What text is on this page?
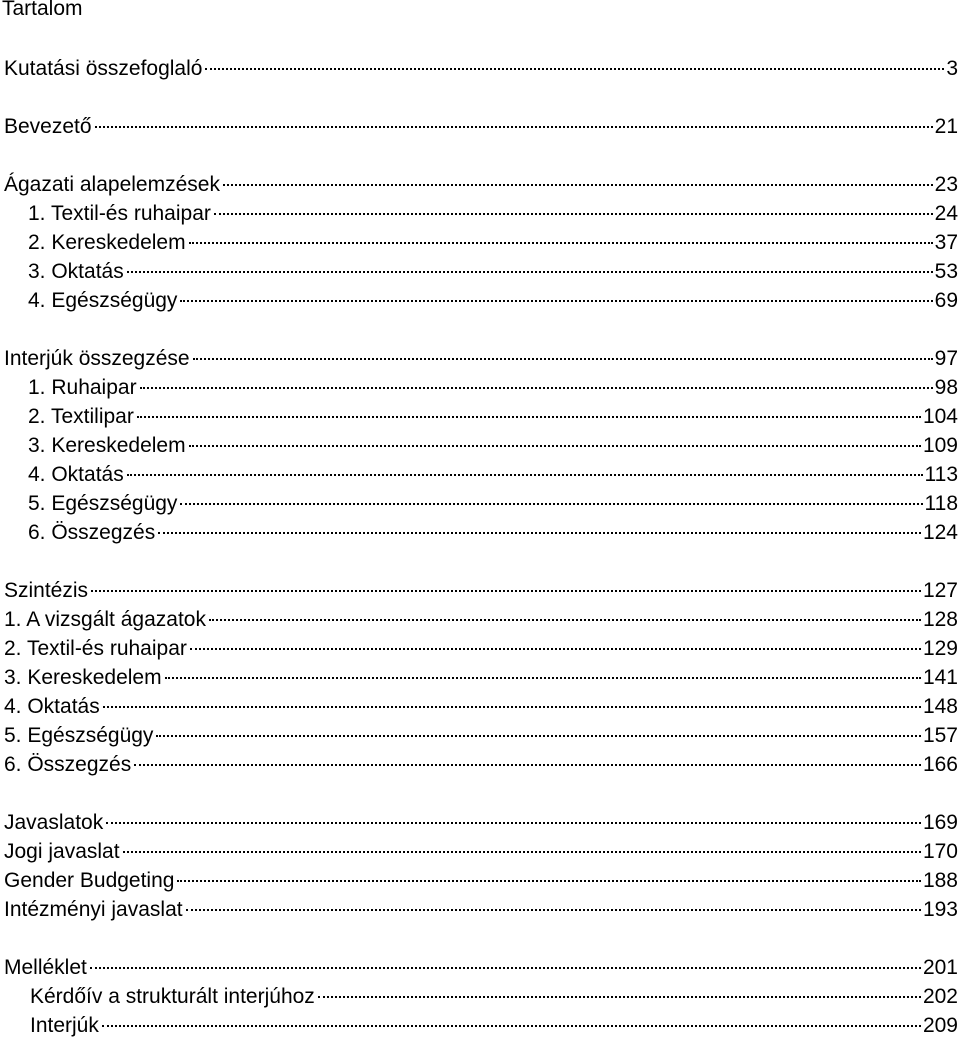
Tartalom
Kutatási összefoglaló	3
Bevezető	21
Ágazati alapelemzések	23
1. Textil-és ruhaipar	24
2. Kereskedelem	37
3. Oktatás	53
4. Egészségügy	69
Interjúk összegzése	97
1. Ruhaipar	98
2. Textilipar	104
3. Kereskedelem	109
4. Oktatás	113
5. Egészségügy	118
6. Összegzés	124
Szintézis	127
1. A vizsgált ágazatok	128
2. Textil-és ruhaipar	129
3. Kereskedelem	141
4. Oktatás	148
5. Egészségügy	157
6. Összegzés	166
Javaslatok	169
Jogi javaslat	170
Gender Budgeting	188
Intézményi javaslat	193
Melléklet	201
Kérdőív a strukturált interjúhoz	202
Interjúk	209
